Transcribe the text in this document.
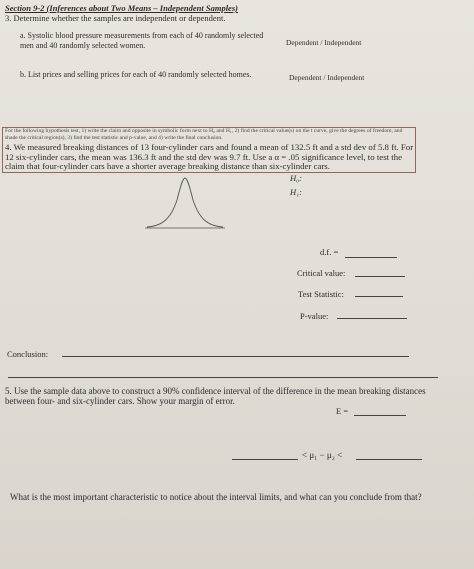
Section 9-2 (Inferences about Two Means – Independent Samples)
3. Determine whether the samples are independent or dependent.
a. Systolic blood pressure measurements from each of 40 randomly selected men and 40 randomly selected women.	Dependent / Independent
b. List prices and selling prices for each of 40 randomly selected homes.	Dependent / Independent
For the following hypothesis test, 1) write the claim and opposite in symbolic form next to H₀ and H₁, 2) find the critical value(s) on the t curve, give the degrees of freedom, and shade the critical region(s), 3) find the test statistic and p-value, and 4) write the final conclusion.
4. We measured breaking distances of 13 four-cylinder cars and found a mean of 132.5 ft and a std dev of 5.8 ft. For 12 six-cylinder cars, the mean was 136.3 ft and the std dev was 9.7 ft. Use a α = .05 significance level, to test the claim that four-cylinder cars have a shorter average breaking distance than six-cylinder cars.
H₀:
H₁:
d.f. =
Critical value:
Test Statistic:
P-value:
Conclusion:
5. Use the sample data above to construct a 90% confidence interval of the difference in the mean breaking distances between four- and six-cylinder cars. Show your margin of error.
E =
< μ₁ − μ₂ <
What is the most important characteristic to notice about the interval limits, and what can you conclude from that?
